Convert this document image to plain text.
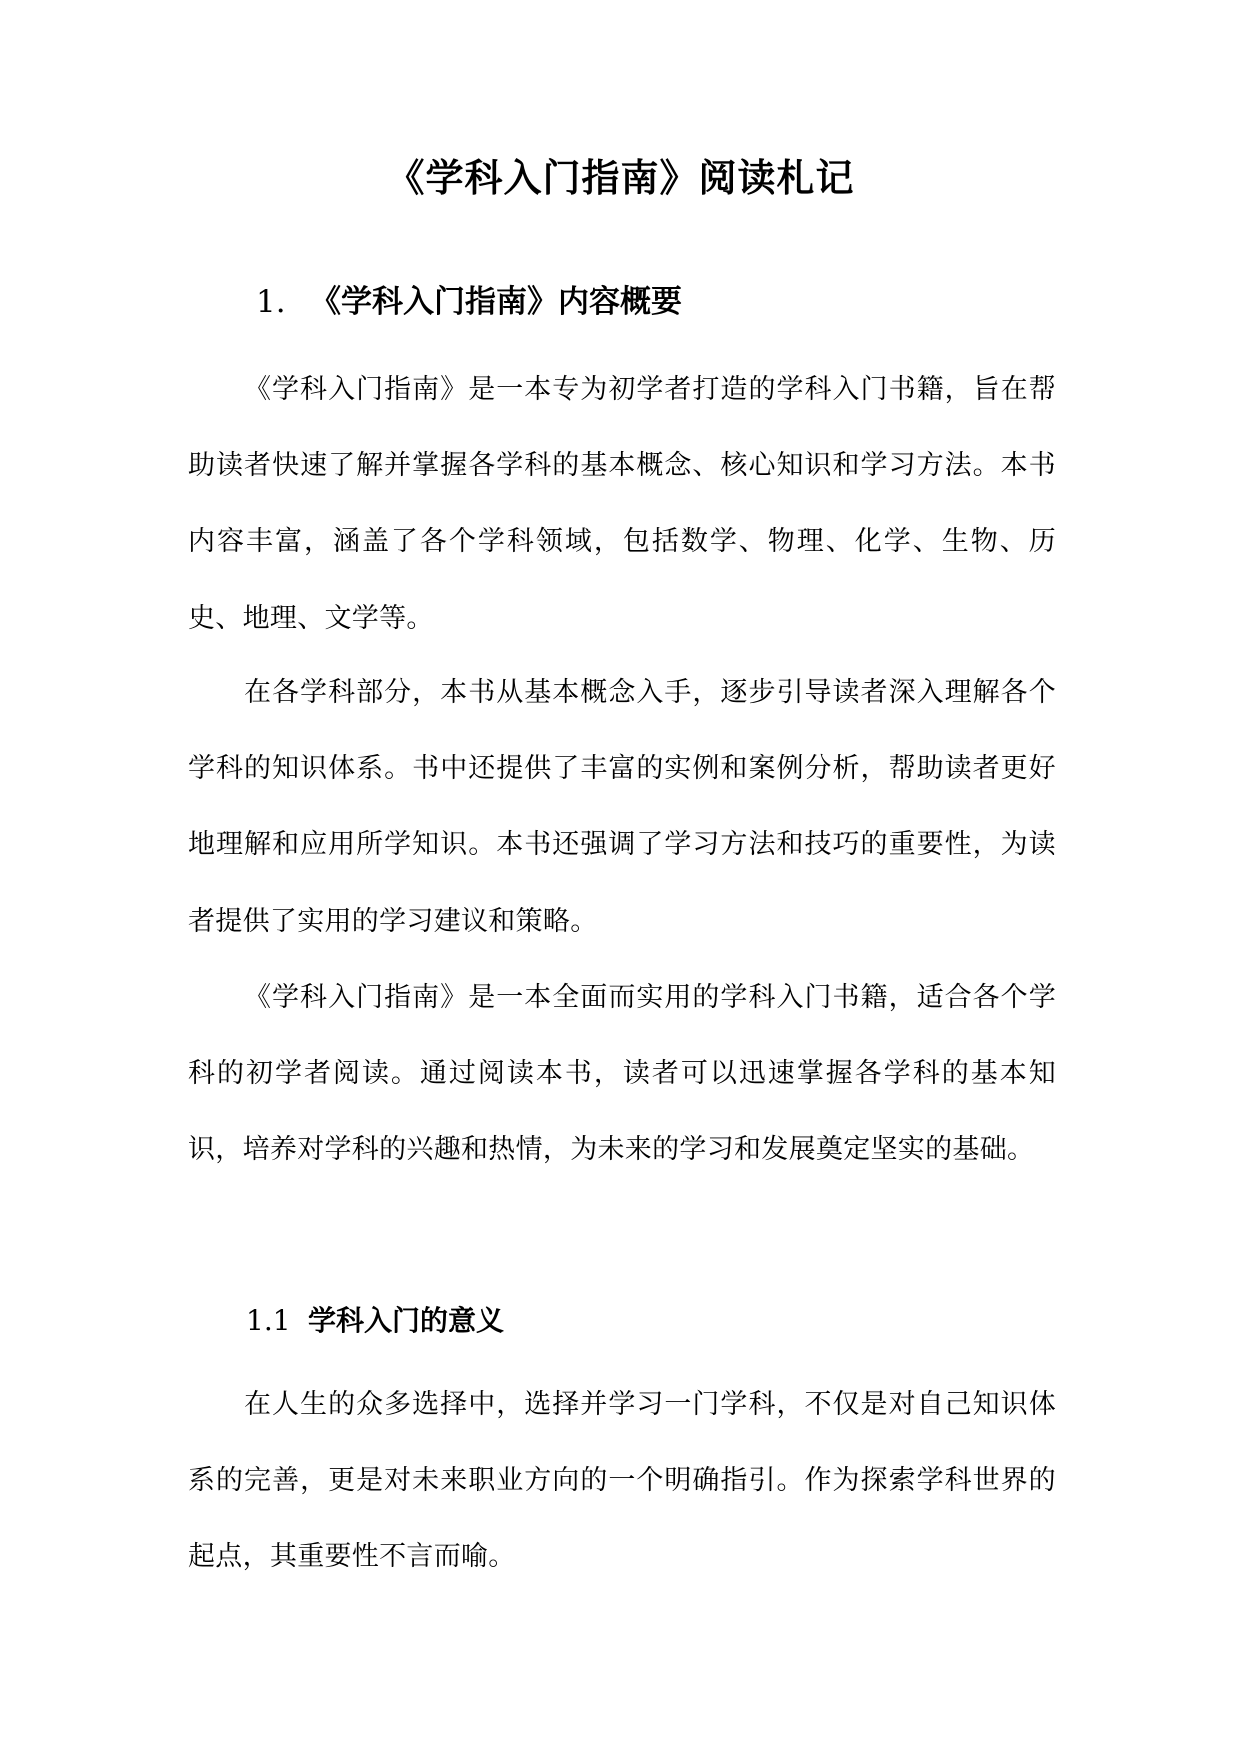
《学科入门指南》阅读札记
1. 《学科入门指南》内容概要

《学科入门指南》是一本专为初学者打造的学科入门书籍，旨在帮助读者快速了解并掌握各学科的基本概念、核心知识和学习方法。本书内容丰富，涵盖了各个学科领域，包括数学、物理、化学、生物、历史、地理、文学等。

在各学科部分，本书从基本概念入手，逐步引导读者深入理解各个学科的知识体系。书中还提供了丰富的实例和案例分析，帮助读者更好地理解和应用所学知识。本书还强调了学习方法和技巧的重要性，为读者提供了实用的学习建议和策略。

《学科入门指南》是一本全面而实用的学科入门书籍，适合各个学科的初学者阅读。通过阅读本书，读者可以迅速掌握各学科的基本知识，培养对学科的兴趣和热情，为未来的学习和发展奠定坚实的基础。

1.1 学科入门的意义

在人生的众多选择中，选择并学习一门学科，不仅是对自己知识体系的完善，更是对未来职业方向的一个明确指引。作为探索学科世界的起点，其重要性不言而喻。
